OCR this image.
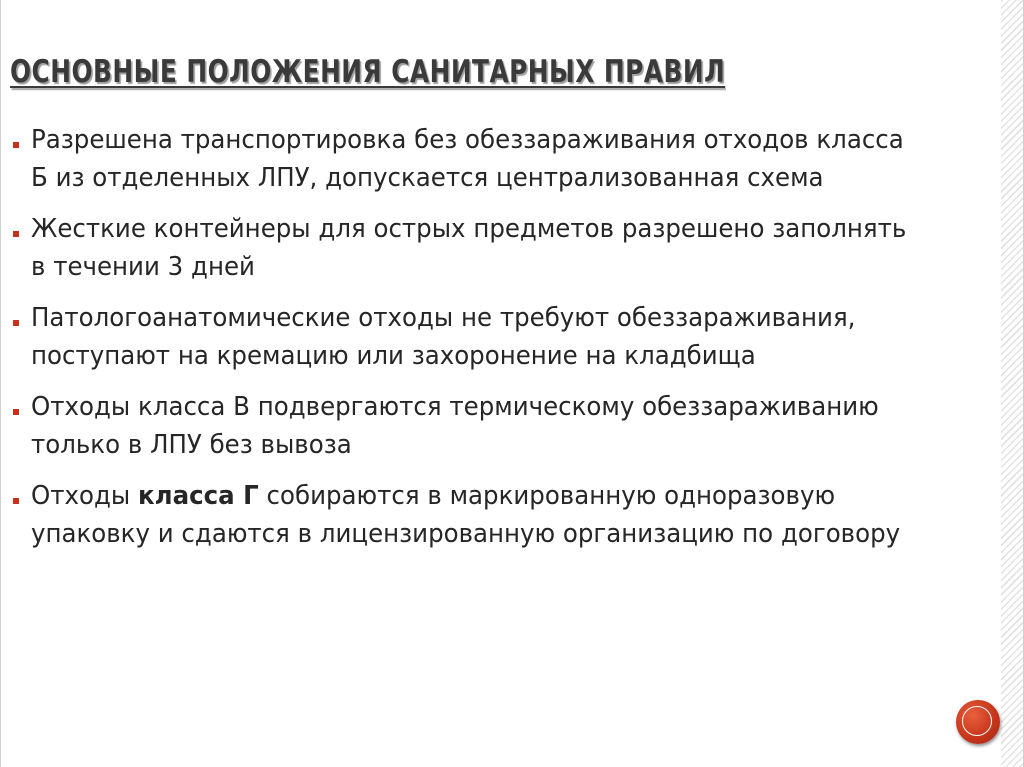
ОСНОВНЫЕ ПОЛОЖЕНИЯ САНИТАРНЫХ ПРАВИЛ
Разрешена транспортировка без обеззараживания отходов класса Б из отделенных ЛПУ, допускается централизованная схема
Жесткие контейнеры для острых предметов разрешено заполнять в течении 3 дней
Патологоанатомические отходы не требуют обеззараживания, поступают на кремацию или захоронение на кладбища
Отходы класса В подвергаются термическому обеззараживанию только в ЛПУ без вывоза
Отходы класса Г собираются в маркированную одноразовую упаковку и сдаются в лицензированную организацию по договору
